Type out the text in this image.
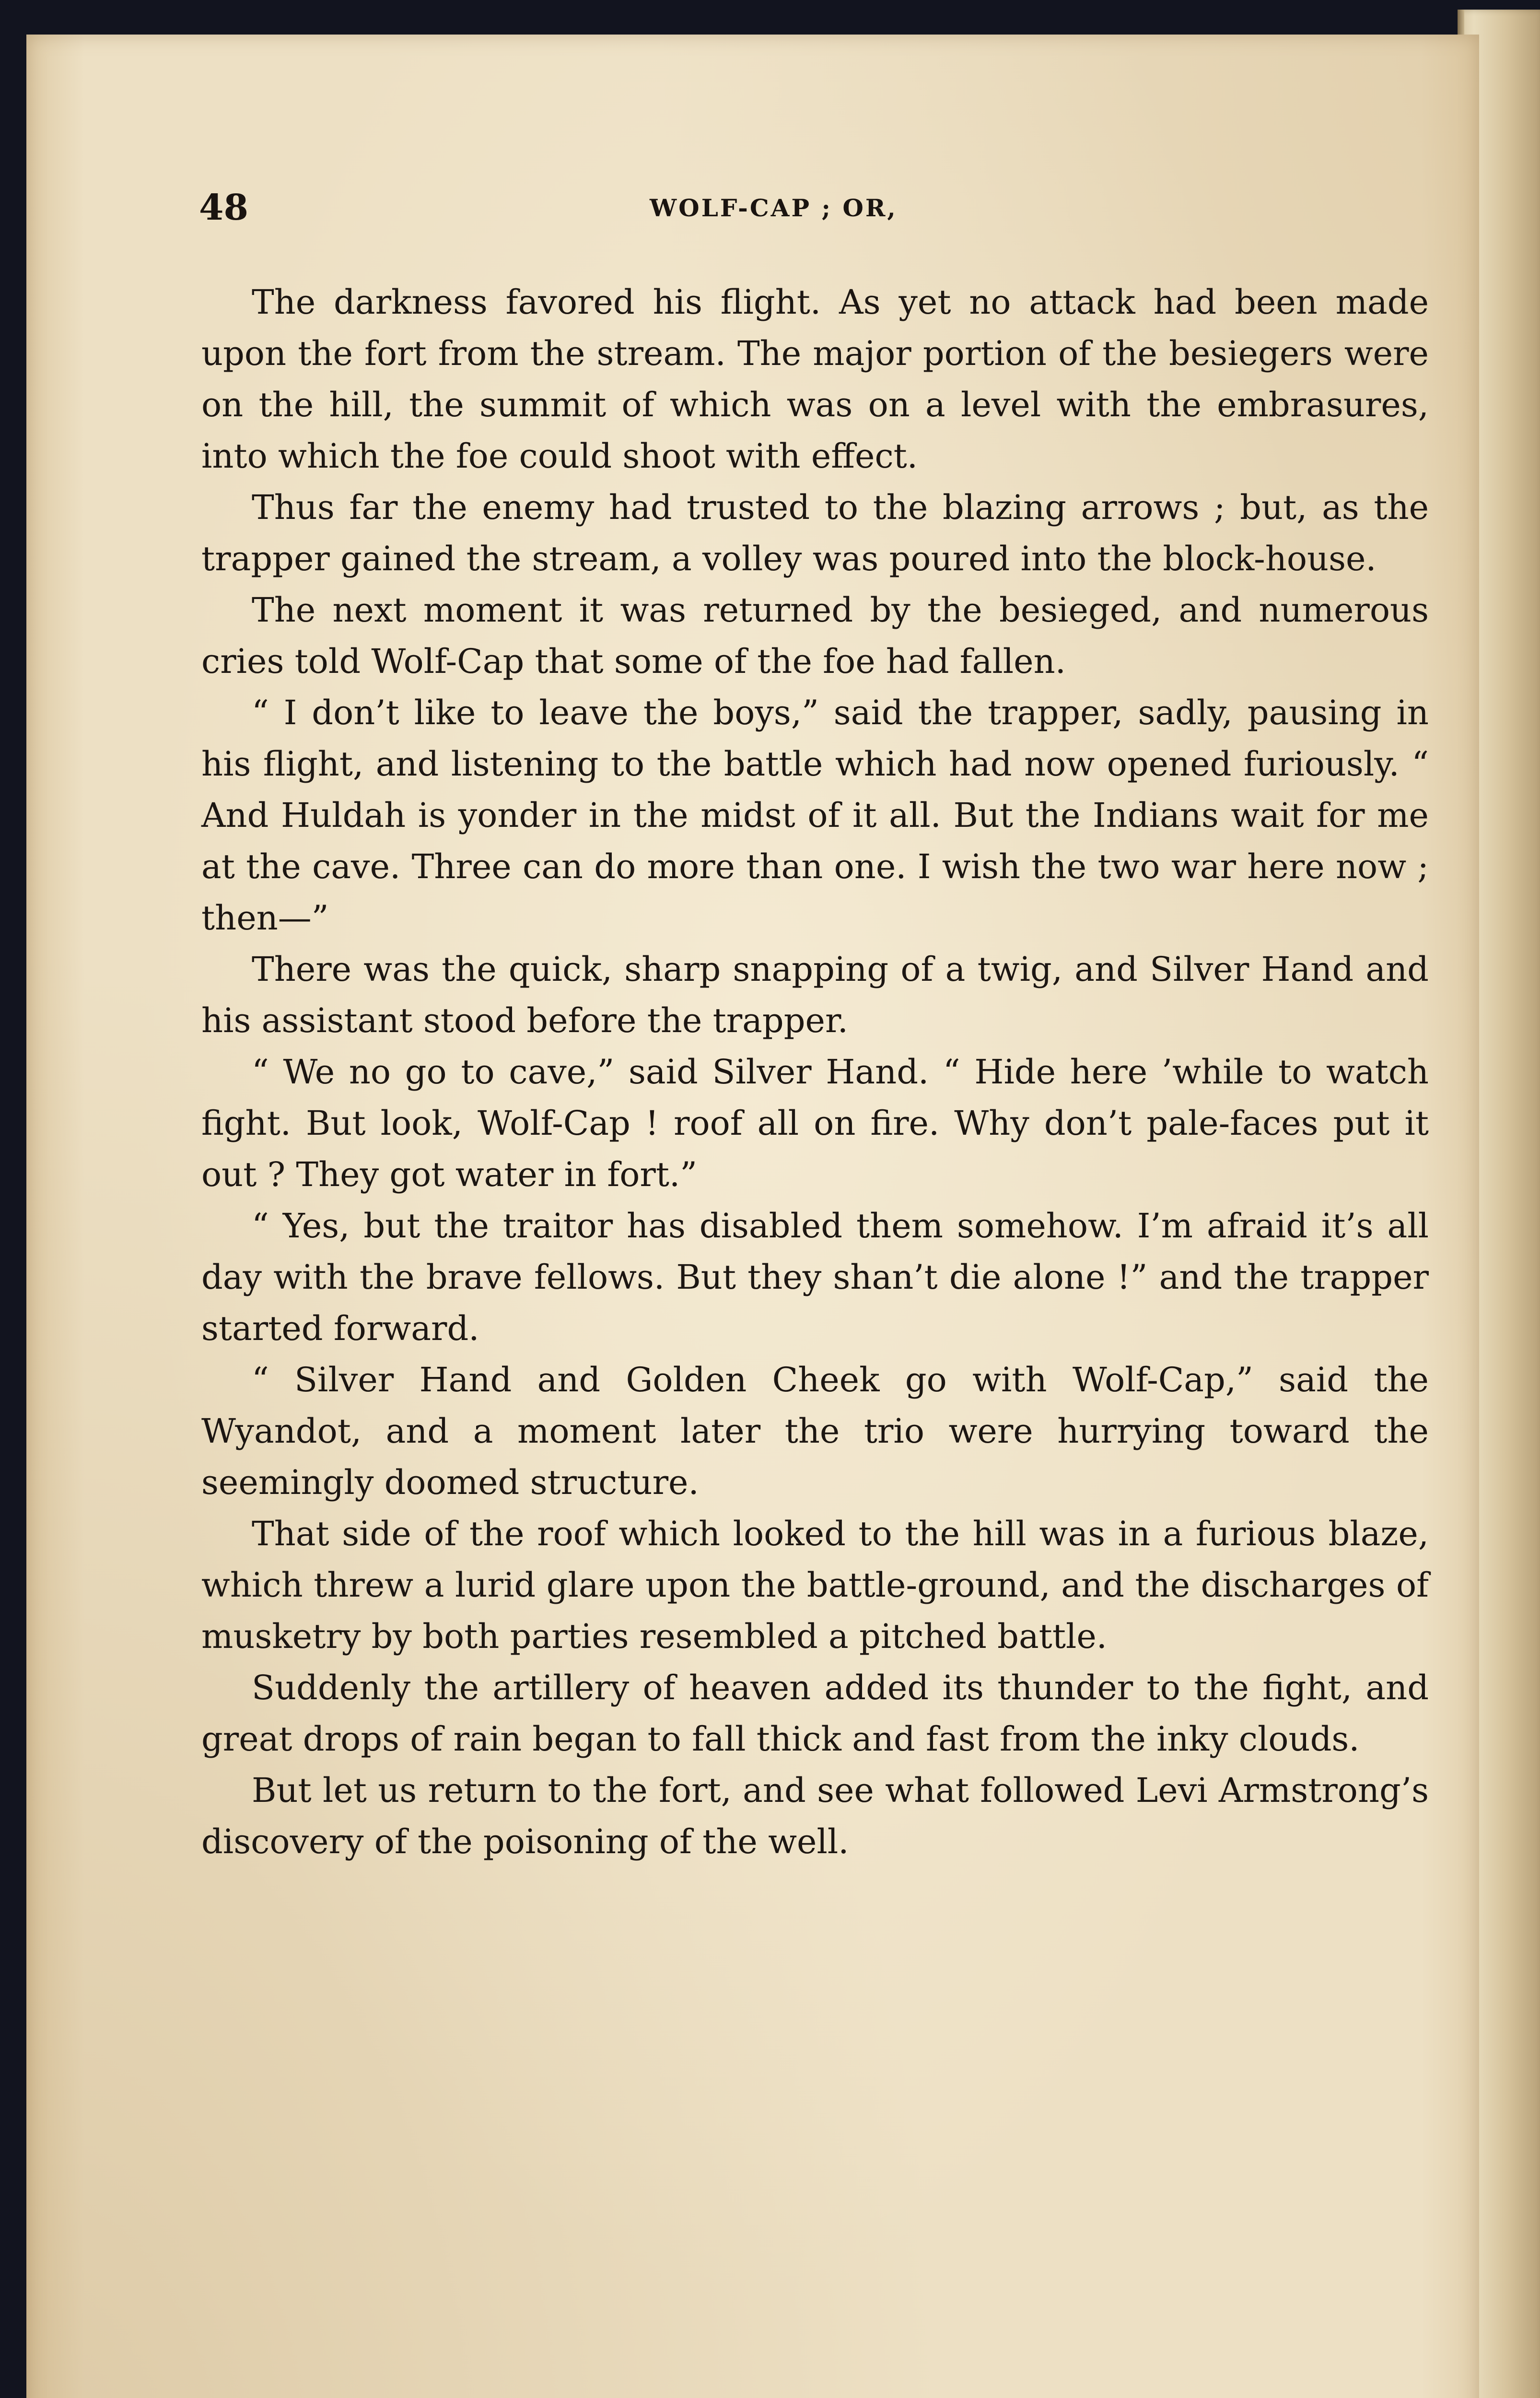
48	WOLF-CAP ; OR,

The darkness favored his flight. As yet no attack had been made upon the fort from the stream. The major portion of the besiegers were on the hill, the summit of which was on a level with the embrasures, into which the foe could shoot with effect.

Thus far the enemy had trusted to the blazing arrows ; but, as the trapper gained the stream, a volley was poured into the block-house.

The next moment it was returned by the besieged, and numerous cries told Wolf-Cap that some of the foe had fallen.

“ I don’t like to leave the boys,” said the trapper, sadly, pausing in his flight, and listening to the battle which had now opened furiously. “ And Huldah is yonder in the midst of it all. But the Indians wait for me at the cave. Three can do more than one. I wish the two war here now ; then—”

There was the quick, sharp snapping of a twig, and Silver Hand and his assistant stood before the trapper.

“ We no go to cave,” said Silver Hand. “ Hide here ’while to watch fight. But look, Wolf-Cap ! roof all on fire. Why don’t pale-faces put it out ? They got water in fort.”

“ Yes, but the traitor has disabled them somehow. I’m afraid it’s all day with the brave fellows. But they shan’t die alone !” and the trapper started forward.

“ Silver Hand and Golden Cheek go with Wolf-Cap,” said the Wyandot, and a moment later the trio were hurrying toward the seemingly doomed structure.

That side of the roof which looked to the hill was in a furious blaze, which threw a lurid glare upon the battle-ground, and the discharges of musketry by both parties resembled a pitched battle.

Suddenly the artillery of heaven added its thunder to the fight, and great drops of rain began to fall thick and fast from the inky clouds.

But let us return to the fort, and see what followed Levi Armstrong’s discovery of the poisoning of the well.
